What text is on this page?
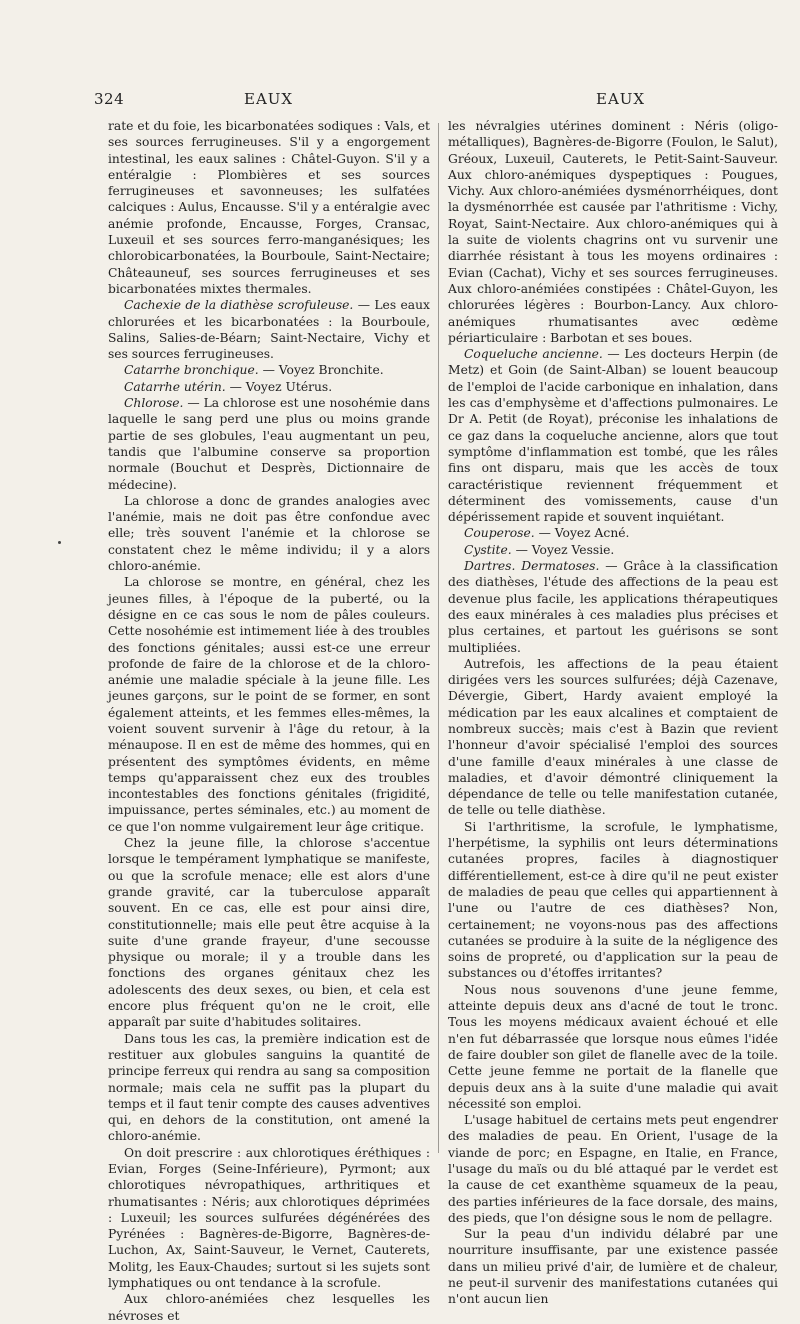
324	EAUX	EAUX

rate et du foie, les bicarbonatées sodiques : Vals, et ses sources ferrugineuses. S'il y a engorgement intestinal, les eaux salines : Châtel-Guyon. S'il y a entéralgie : Plombières et ses sources ferrugineuses et savonneuses; les sulfatées calciques : Aulus, Encausse. S'il y a entéralgie avec anémie profonde, Encausse, Forges, Cransac, Luxeuil et ses sources ferro-manganésiques; les chlorobicarbonatées, la Bourboule, Saint-Nectaire; Châteauneuf, ses sources ferrugineuses et ses bicarbonatées mixtes thermales.

Cachexie de la diathèse scrofuleuse. — Les eaux chlorurées et les bicarbonatées : la Bourboule, Salins, Salies-de-Béarn; Saint-Nectaire, Vichy et ses sources ferrugineuses.

Catarrhe bronchique. — Voyez Bronchite.

Catarrhe utérin. — Voyez Utérus.

Chlorose. — La chlorose est une nosohémie dans laquelle le sang perd une plus ou moins grande partie de ses globules, l'eau augmentant un peu, tandis que l'albumine conserve sa proportion normale (Bouchut et Desprès, Dictionnaire de médecine).

La chlorose a donc de grandes analogies avec l'anémie, mais ne doit pas être confondue avec elle; très souvent l'anémie et la chlorose se constatent chez le même individu; il y a alors chloro-anémie.

La chlorose se montre, en général, chez les jeunes filles, à l'époque de la puberté, ou la désigne en ce cas sous le nom de pâles couleurs. Cette nosohémie est intimement liée à des troubles des fonctions génitales; aussi est-ce une erreur profonde de faire de la chlorose et de la chloro-anémie une maladie spéciale à la jeune fille. Les jeunes garçons, sur le point de se former, en sont également atteints, et les femmes elles-mêmes, la voient souvent survenir à l'âge du retour, à la ménaupose. Il en est de même des hommes, qui en présentent des symptômes évidents, en même temps qu'apparaissent chez eux des troubles incontestables des fonctions génitales (frigidité, impuissance, pertes séminales, etc.) au moment de ce que l'on nomme vulgairement leur âge critique.

Chez la jeune fille, la chlorose s'accentue lorsque le tempérament lymphatique se manifeste, ou que la scrofule menace; elle est alors d'une grande gravité, car la tuberculose apparaît souvent. En ce cas, elle est pour ainsi dire, constitutionnelle; mais elle peut être acquise à la suite d'une grande frayeur, d'une secousse physique ou morale; il y a trouble dans les fonctions des organes génitaux chez les adolescents des deux sexes, ou bien, et cela est encore plus fréquent qu'on ne le croit, elle apparaît par suite d'habitudes solitaires.

Dans tous les cas, la première indication est de restituer aux globules sanguins la quantité de principe ferreux qui rendra au sang sa composition normale; mais cela ne suffit pas la plupart du temps et il faut tenir compte des causes adventives qui, en dehors de la constitution, ont amené la chloro-anémie.

On doit prescrire : aux chlorotiques éréthiques : Evian, Forges (Seine-Inférieure), Pyrmont; aux chlorotiques névropathiques, arthritiques et rhumatisantes : Néris; aux chlorotiques déprimées : Luxeuil; les sources sulfurées dégénérées des Pyrénées : Bagnères-de-Bigorre, Bagnères-de-Luchon, Ax, Saint-Sauveur, le Vernet, Cauterets, Molitg, les Eaux-Chaudes; surtout si les sujets sont lymphatiques ou ont tendance à la scrofule.

Aux chloro-anémiées chez lesquelles les névroses et

les névralgies utérines dominent : Néris (oligo-métalliques), Bagnères-de-Bigorre (Foulon, le Salut), Gréoux, Luxeuil, Cauterets, le Petit-Saint-Sauveur. Aux chloro-anémiques dyspeptiques : Pougues, Vichy. Aux chloro-anémiées dysménorrhéiques, dont la dysménorrhée est causée par l'athritisme : Vichy, Royat, Saint-Nectaire. Aux chloro-anémiques qui à la suite de violents chagrins ont vu survenir une diarrhée résistant à tous les moyens ordinaires : Evian (Cachat), Vichy et ses sources ferrugineuses. Aux chloro-anémiées constipées : Châtel-Guyon, les chlorurées légères : Bourbon-Lancy. Aux chloro-anémiques rhumatisantes avec œdème périarticulaire : Barbotan et ses boues.

Coqueluche ancienne. — Les docteurs Herpin (de Metz) et Goin (de Saint-Alban) se louent beaucoup de l'emploi de l'acide carbonique en inhalation, dans les cas d'emphysème et d'affections pulmonaires. Le Dr A. Petit (de Royat), préconise les inhalations de ce gaz dans la coqueluche ancienne, alors que tout symptôme d'inflammation est tombé, que les râles fins ont disparu, mais que les accès de toux caractéristique reviennent fréquemment et déterminent des vomissements, cause d'un dépérissement rapide et souvent inquiétant.

Couperose. — Voyez Acné.

Cystite. — Voyez Vessie.

Dartres. Dermatoses. — Grâce à la classification des diathèses, l'étude des affections de la peau est devenue plus facile, les applications thérapeutiques des eaux minérales à ces maladies plus précises et plus certaines, et partout les guérisons se sont multipliées.

Autrefois, les affections de la peau étaient dirigées vers les sources sulfurées; déjà Cazenave, Dévergie, Gibert, Hardy avaient employé la médication par les eaux alcalines et comptaient de nombreux succès; mais c'est à Bazin que revient l'honneur d'avoir spécialisé l'emploi des sources d'une famille d'eaux minérales à une classe de maladies, et d'avoir démontré cliniquement la dépendance de telle ou telle manifestation cutanée, de telle ou telle diathèse.

Si l'arthritisme, la scrofule, le lymphatisme, l'herpétisme, la syphilis ont leurs déterminations cutanées propres, faciles à diagnostiquer différentiellement, est-ce à dire qu'il ne peut exister de maladies de peau que celles qui appartiennent à l'une ou l'autre de ces diathèses? Non, certainement; ne voyons-nous pas des affections cutanées se produire à la suite de la négligence des soins de propreté, ou d'application sur la peau de substances ou d'étoffes irritantes?

Nous nous souvenons d'une jeune femme, atteinte depuis deux ans d'acné de tout le tronc. Tous les moyens médicaux avaient échoué et elle n'en fut débarrassée que lorsque nous eûmes l'idée de faire doubler son gilet de flanelle avec de la toile. Cette jeune femme ne portait de la flanelle que depuis deux ans à la suite d'une maladie qui avait nécessité son emploi.

L'usage habituel de certains mets peut engendrer des maladies de peau. En Orient, l'usage de la viande de porc; en Espagne, en Italie, en France, l'usage du maïs ou du blé attaqué par le verdet est la cause de cet exanthème squameux de la peau, des parties inférieures de la face dorsale, des mains, des pieds, que l'on désigne sous le nom de pellagre.

Sur la peau d'un individu délabré par une nourriture insuffisante, par une existence passée dans un milieu privé d'air, de lumière et de chaleur, ne peut-il survenir des manifestations cutanées qui n'ont aucun lien
